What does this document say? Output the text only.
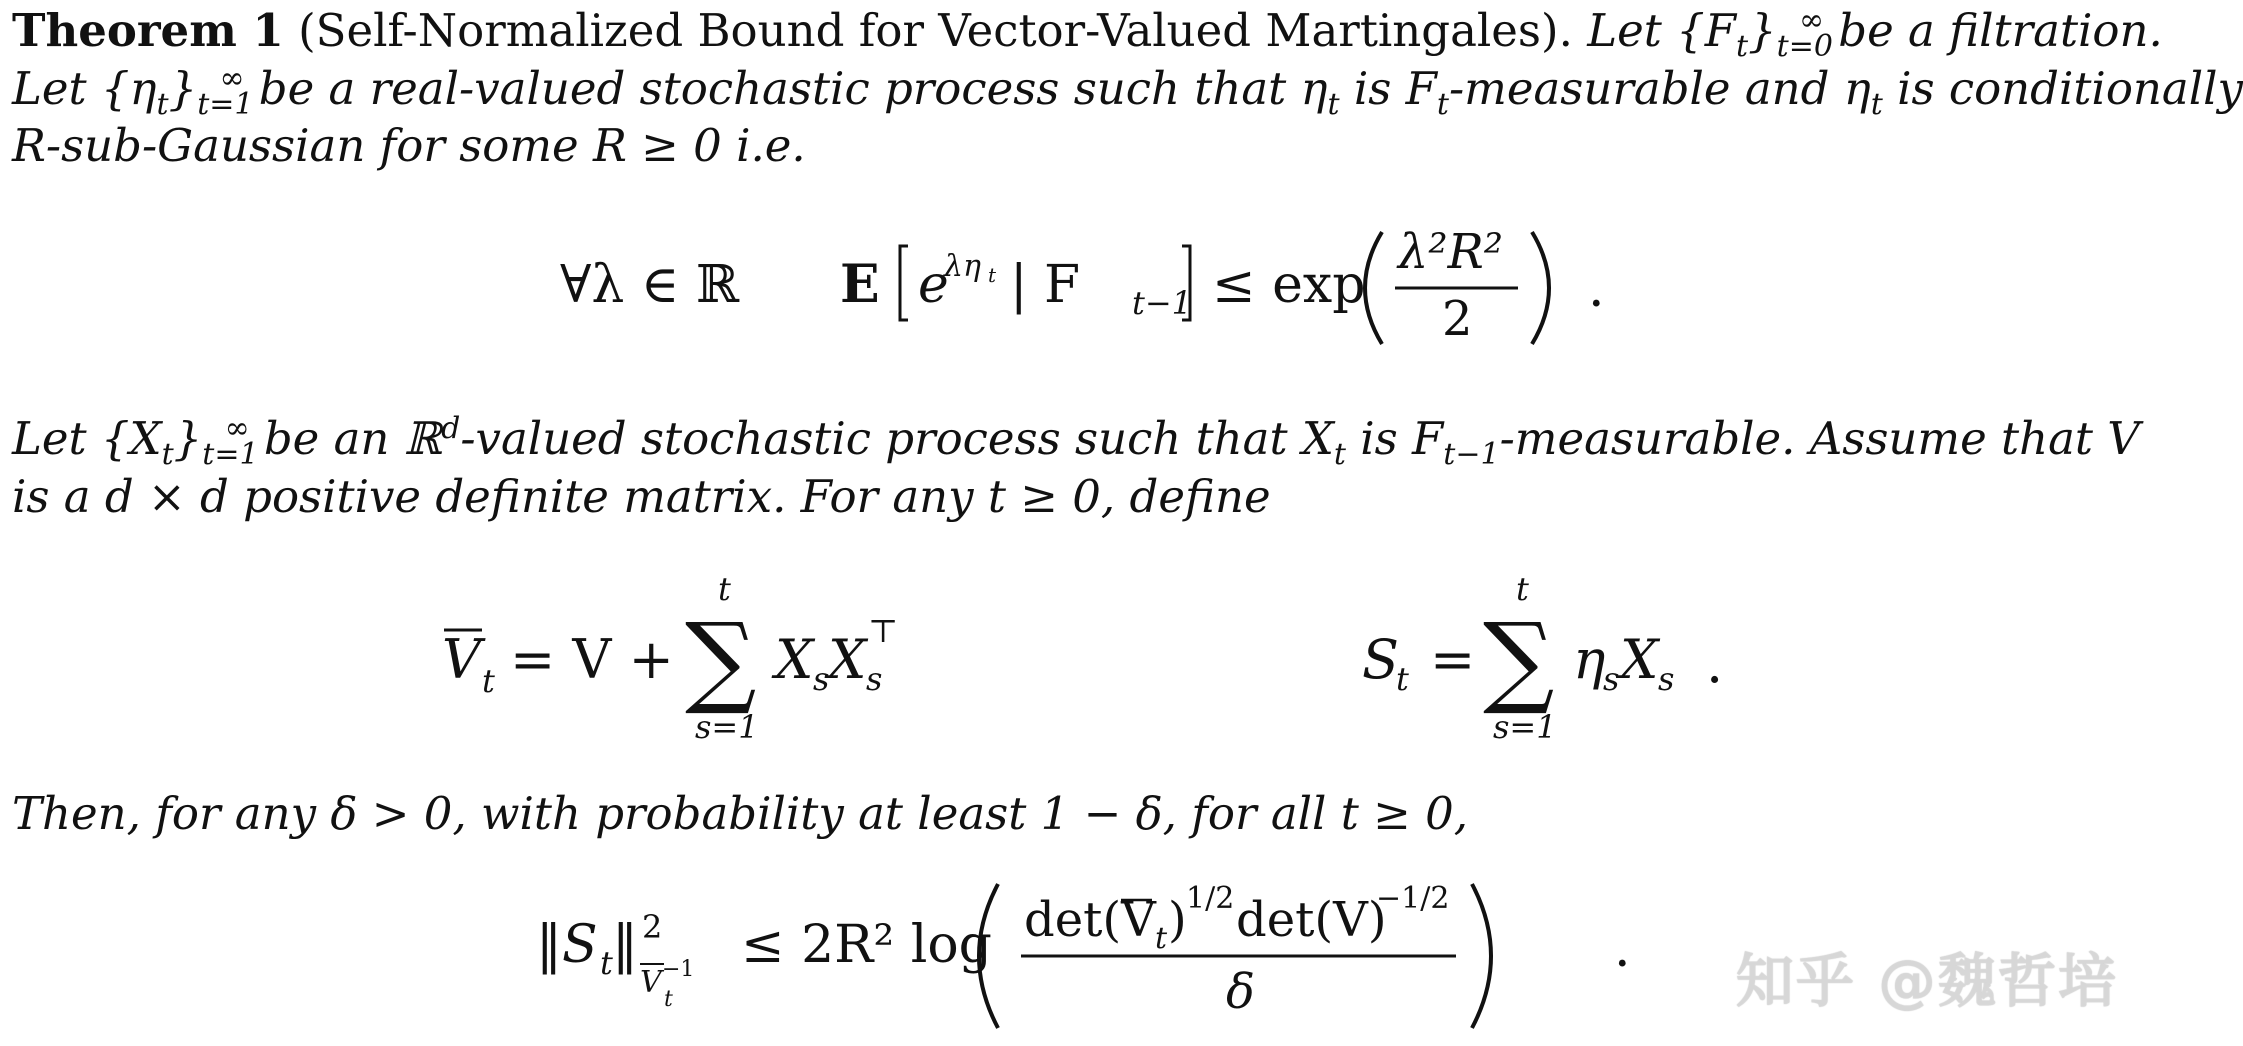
Theorem 1 (Self-Normalized Bound for Vector-Valued Martingales). Let $\{F_t\}_{t=0}^\infty$ be a filtration.
Let $\{\eta_t\}_{t=1}^\infty$ be a real-valued stochastic process such that $\eta_t$ is $F_t$-measurable and $\eta_t$ is conditionally
R-sub-Gaussian for some R ≥ 0 i.e.
∀λ ∈ ℝ E e
λη t | F t−1 ≤ exp
λ²R²
2 .
Let $\{X_t\}_{t=1}^\infty$ be an ℝ$^d$-valued stochastic process such that $X_t$ is $F_{t-1}$-measurable. Assume that V
is a d × d positive definite matrix. For any t ≥ 0, define
V t = V + ∑
t
s=1
X s
X s
⊤	S
t = ∑
t
s=1
η
s X s .
Then, for any δ > 0, with probability at least 1 − δ, for all t ≥ 0,
‖S t ‖ 2
V −1
t
≤ 2R² log det(V t ) 1/2 det(V)
−1/2
δ
. 知乎 @魏哲培
